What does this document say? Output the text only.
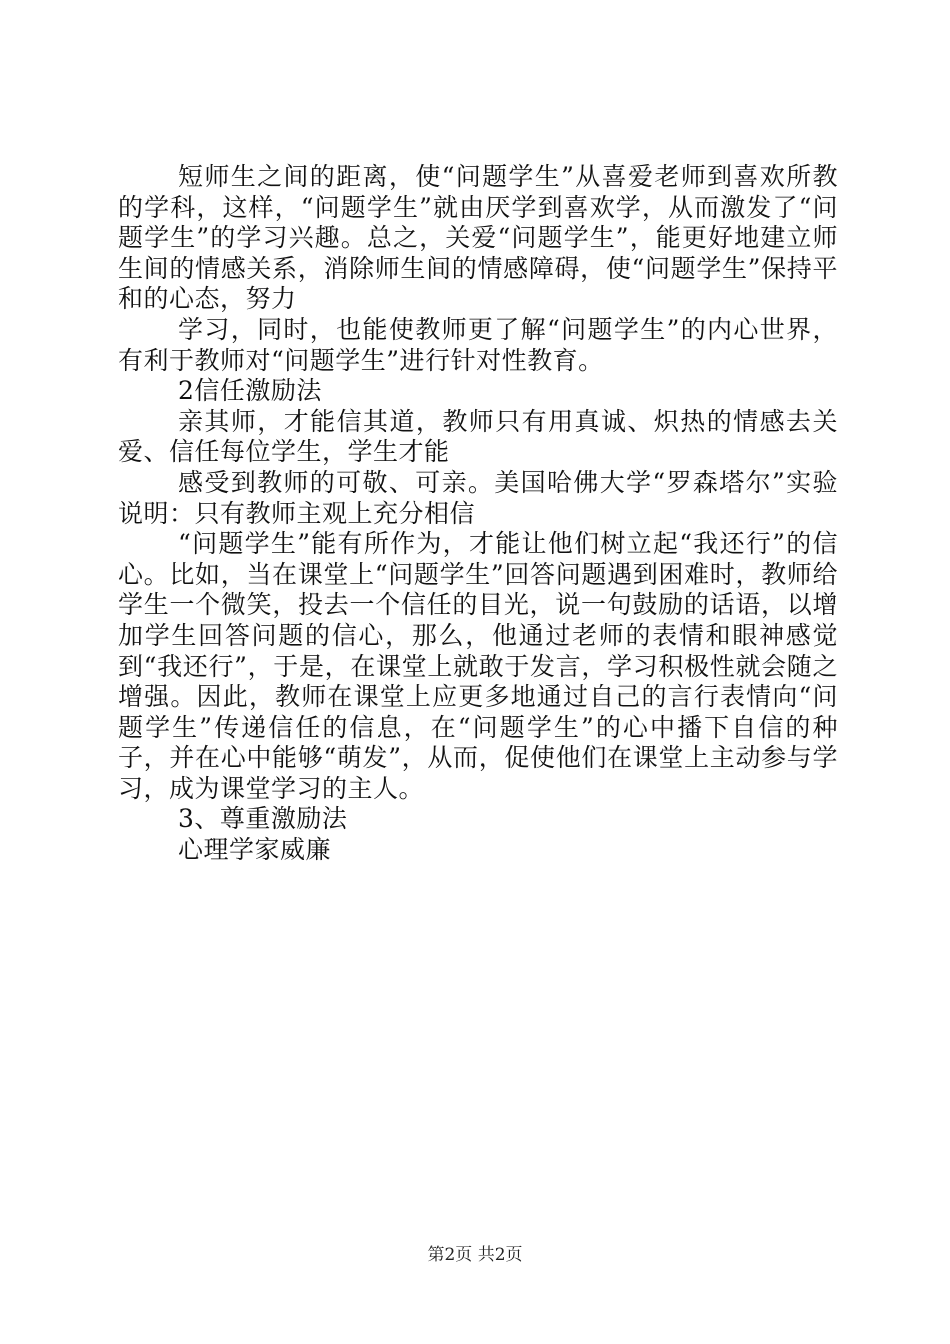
短师生之间的距离，使“问题学生”从喜爱老师到喜欢所教的学科，这样，“问题学生”就由厌学到喜欢学，从而激发了“问题学生”的学习兴趣。总之，关爱“问题学生”，能更好地建立师生间的情感关系，消除师生间的情感障碍，使“问题学生”保持平和的心态，努力

学习，同时，也能使教师更了解“问题学生”的内心世界，有利于教师对“问题学生”进行针对性教育。

2信任激励法

亲其师，才能信其道，教师只有用真诚、炽热的情感去关爱、信任每位学生，学生才能

感受到教师的可敬、可亲。美国哈佛大学“罗森塔尔”实验说明：只有教师主观上充分相信

“问题学生”能有所作为，才能让他们树立起“我还行”的信心。比如，当在课堂上“问题学生”回答问题遇到困难时，教师给学生一个微笑，投去一个信任的目光，说一句鼓励的话语，以增加学生回答问题的信心，那么，他通过老师的表情和眼神感觉到“我还行”，于是，在课堂上就敢于发言，学习积极性就会随之增强。因此，教师在课堂上应更多地通过自己的言行表情向“问题学生”传递信任的信息，在“问题学生”的心中播下自信的种子，并在心中能够“萌发”，从而，促使他们在课堂上主动参与学习，成为课堂学习的主人。

3、尊重激励法

心理学家威廉

第2页 共2页
